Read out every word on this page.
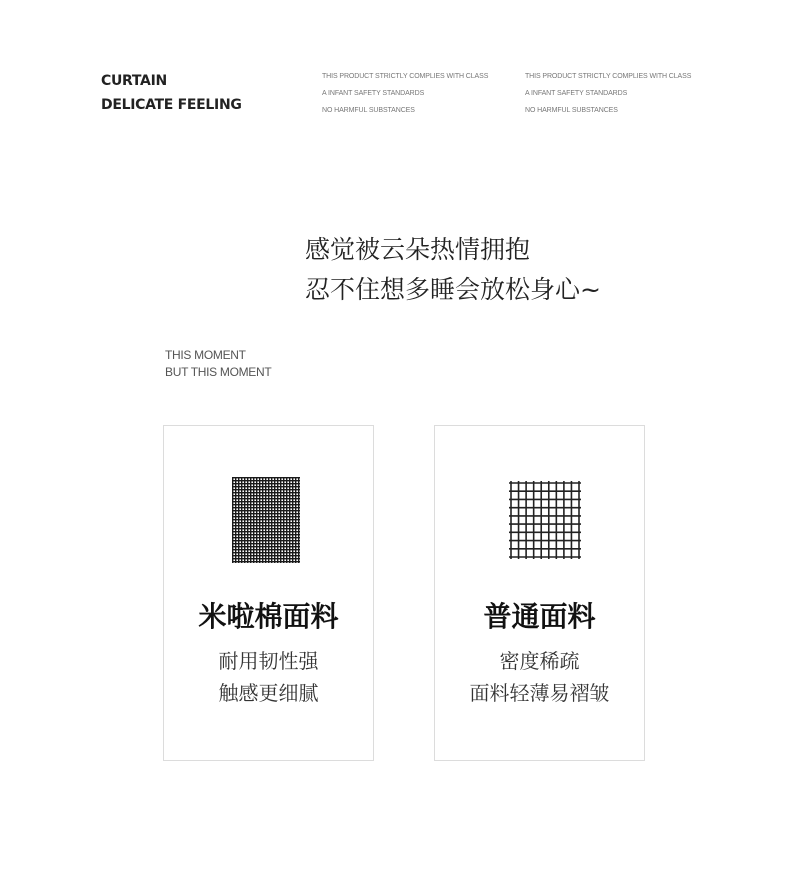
CURTAIN
DELICATE FEELING
THIS PRODUCT STRICTLY COMPLIES WITH CLASS
A INFANT SAFETY STANDARDS
NO HARMFUL SUBSTANCES
THIS PRODUCT STRICTLY COMPLIES WITH CLASS
A INFANT SAFETY STANDARDS
NO HARMFUL SUBSTANCES
感觉被云朵热情拥抱
忍不住想多睡会放松身心~
THIS MOMENT
BUT THIS MOMENT
米啦棉面料
耐用韧性强
触感更细腻
普通面料
密度稀疏
面料轻薄易褶皱
